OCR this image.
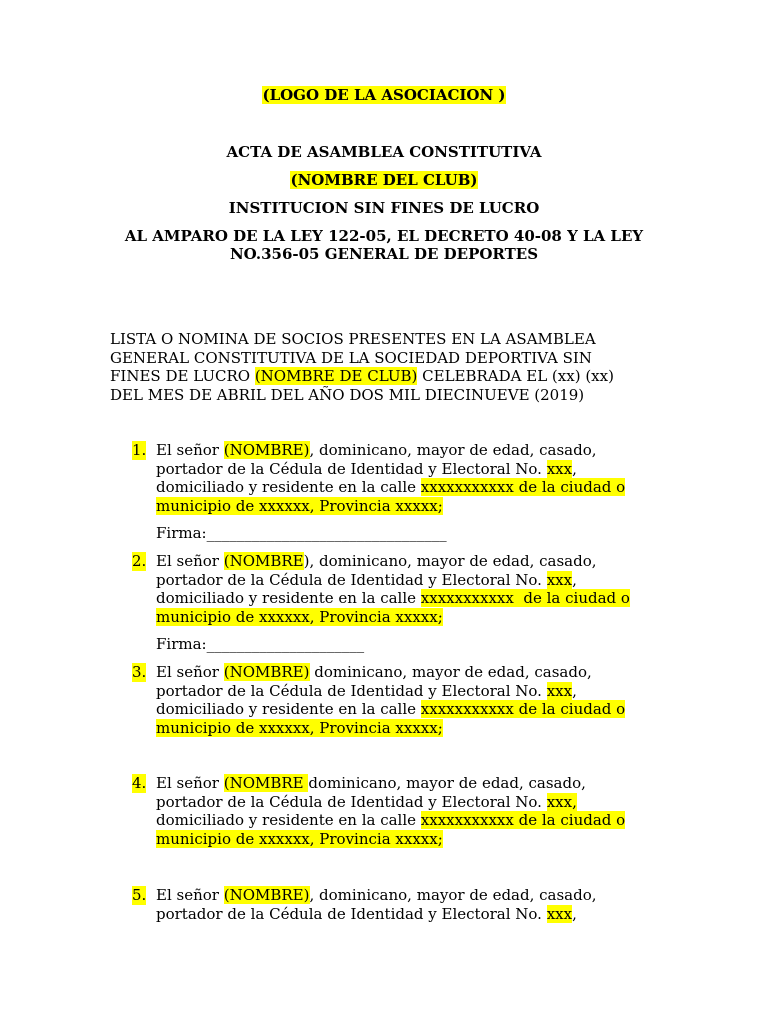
(LOGO DE LA ASOCIACION )
ACTA DE ASAMBLEA CONSTITUTIVA
(NOMBRE DEL CLUB)
INSTITUCION SIN FINES DE LUCRO
AL AMPARO DE LA LEY 122-05, EL DECRETO 40-08 Y LA LEY
NO.356-05 GENERAL DE DEPORTES
LISTA O NOMINA DE SOCIOS PRESENTES EN LA ASAMBLEA
GENERAL CONSTITUTIVA DE LA SOCIEDAD DEPORTIVA SIN
FINES DE LUCRO (NOMBRE DE CLUB) CELEBRADA EL (xx) (xx)
DEL MES DE ABRIL DEL AÑO DOS MIL DIECINUEVE (2019)
1. El señor (NOMBRE), dominicano, mayor de edad, casado,
portador de la Cédula de Identidad y Electoral No. xxx,
domiciliado y residente en la calle xxxxxxxxxxx de la ciudad o
municipio de xxxxxx, Provincia xxxxx;
Firma:________________________________
2. El señor (NOMBRE), dominicano, mayor de edad, casado,
portador de la Cédula de Identidad y Electoral No. xxx,
domiciliado y residente en la calle xxxxxxxxxxx  de la ciudad o
municipio de xxxxxx, Provincia xxxxx;
Firma:_____________________
3. El señor (NOMBRE) dominicano, mayor de edad, casado,
portador de la Cédula de Identidad y Electoral No. xxx,
domiciliado y residente en la calle xxxxxxxxxxx de la ciudad o
municipio de xxxxxx, Provincia xxxxx;
4. El señor (NOMBRE dominicano, mayor de edad, casado,
portador de la Cédula de Identidad y Electoral No. xxx,
domiciliado y residente en la calle xxxxxxxxxxx de la ciudad o
municipio de xxxxxx, Provincia xxxxx;
5. El señor (NOMBRE), dominicano, mayor de edad, casado,
portador de la Cédula de Identidad y Electoral No. xxx,
